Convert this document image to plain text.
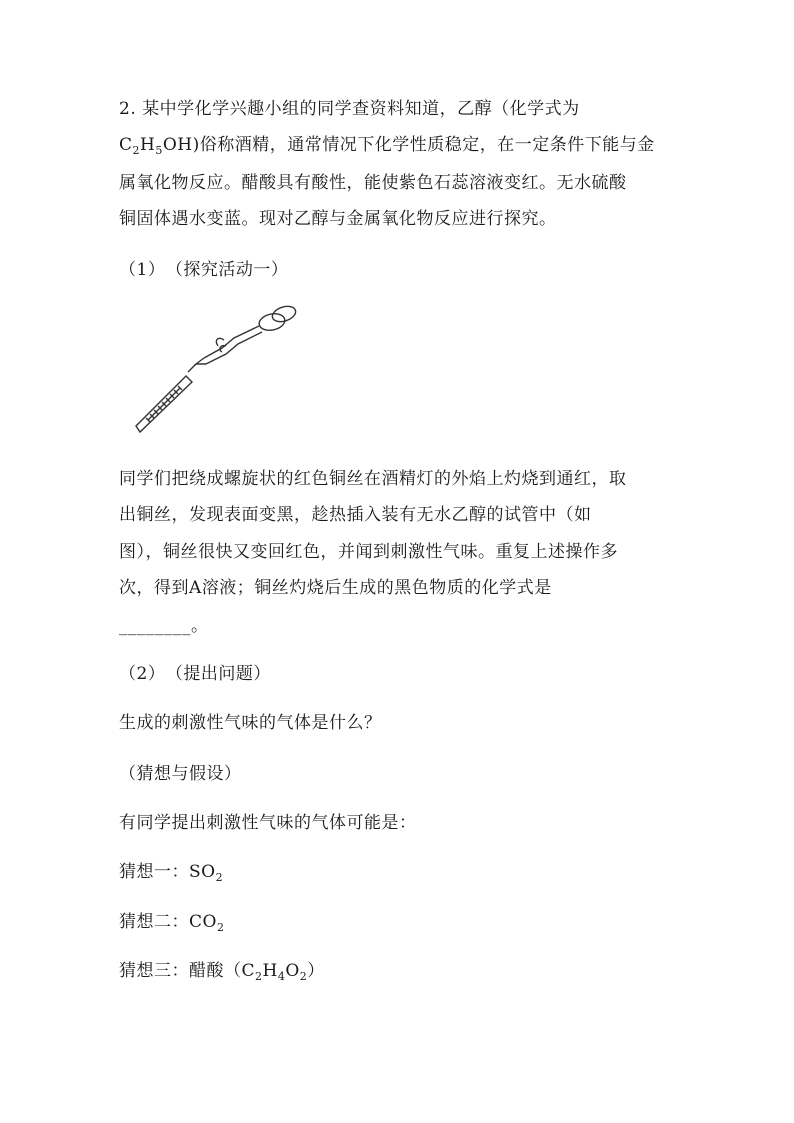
2. 某中学化学兴趣小组的同学查资料知道，乙醇（化学式为
$C_2H_5OH$)俗称酒精，通常情况下化学性质稳定，在一定条件下能与金
属氧化物反应。醋酸具有酸性，能使紫色石蕊溶液变红。无水硫酸
铜固体遇水变蓝。现对乙醇与金属氧化物反应进行探究。
（1）　（探究活动一）
同学们把绕成螺旋状的红色铜丝在酒精灯的外焰上灼烧到通红，取
出铜丝，发现表面变黑，趁热插入装有无水乙醇的试管中（如
图），铜丝很快又变回红色，并闻到刺激性气味。重复上述操作多
次，得到A溶液；铜丝灼烧后生成的黑色物质的化学式是
________。
（2）　（提出问题）
生成的刺激性气味的气体是什么？
（猜想与假设）
有同学提出刺激性气味的气体可能是：
猜想一：$SO_2$
猜想二：$CO_2$
猜想三：醋酸$(C_2H_4O_2)$
